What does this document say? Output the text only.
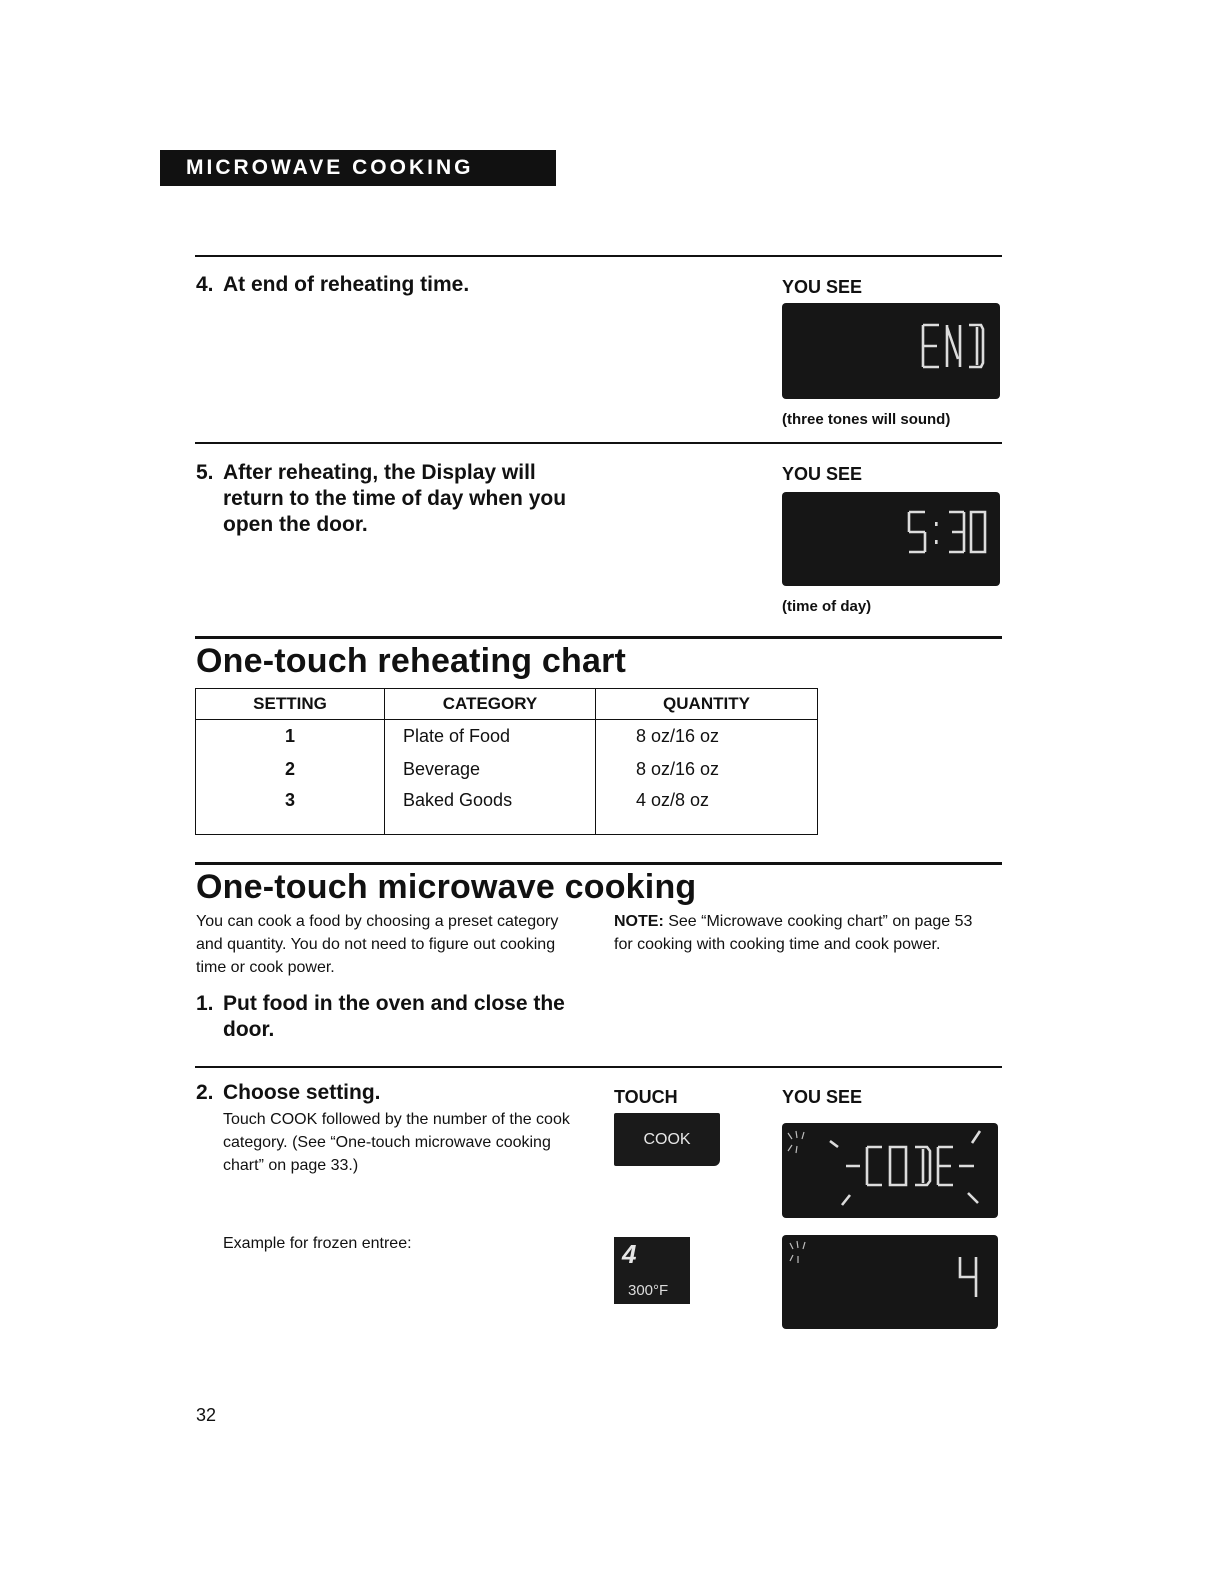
MICROWAVE COOKING
4. At end of reheating time.	YOU SEE
(three tones will sound)
5. After reheating, the Display will return to the time of day when you open the door.
YOU SEE
(time of day)
One-touch reheating chart
SETTING	CATEGORY	QUANTITY
1	Plate of Food	8 oz/16 oz
2	Beverage	8 oz/16 oz
3	Baked Goods	4 oz/8 oz
One-touch microwave cooking
You can cook a food by choosing a preset category and quantity. You do not need to figure out cooking time or cook power.
NOTE: See “Microwave cooking chart” on page 53 for cooking with cooking time and cook power.
1. Put food in the oven and close the door.
2. Choose setting.
Touch COOK followed by the number of the cook category. (See “One-touch microwave cooking chart” on page 33.)
TOUCH	YOU SEE
COOK
Example for frozen entree:	4
300°F
32
